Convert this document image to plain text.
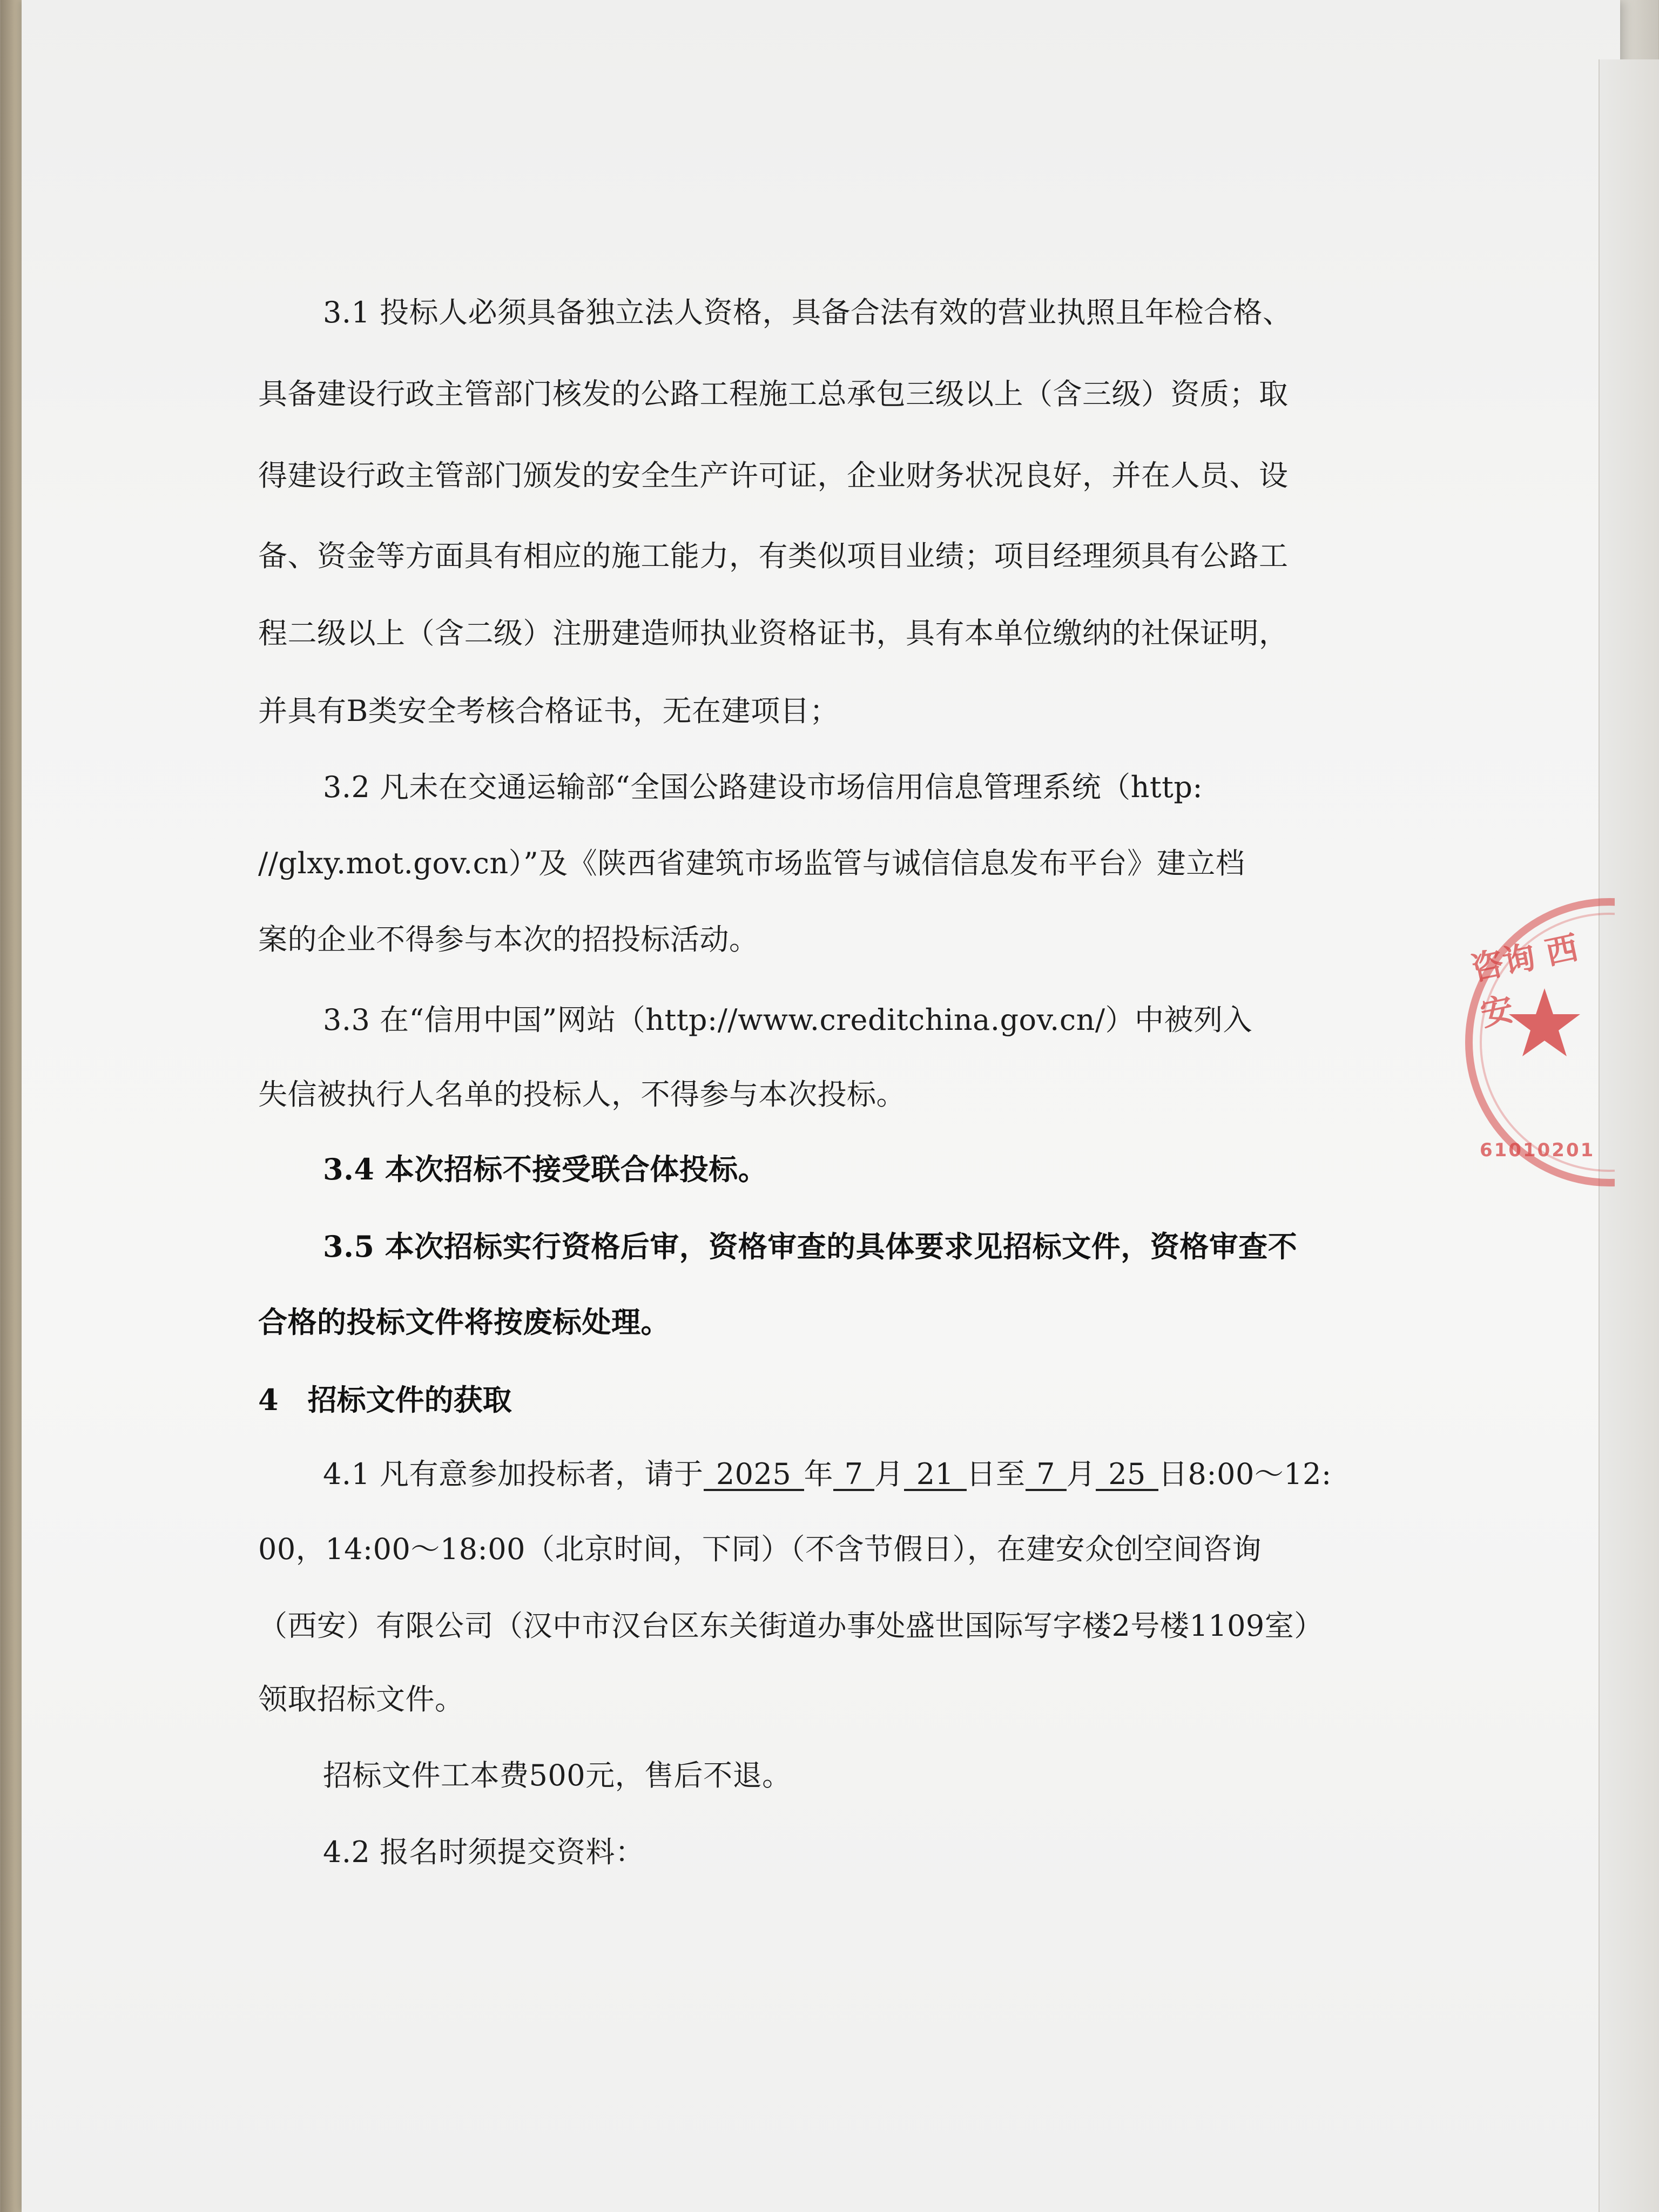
3.1 投标人必须具备独立法人资格，具备合法有效的营业执照且年检合格、
具备建设行政主管部门核发的公路工程施工总承包三级以上（含三级）资质；取
得建设行政主管部门颁发的安全生产许可证，企业财务状况良好，并在人员、设
备、资金等方面具有相应的施工能力，有类似项目业绩；项目经理须具有公路工
程二级以上（含二级）注册建造师执业资格证书，具有本单位缴纳的社保证明，
并具有B类安全考核合格证书，无在建项目；
3.2 凡未在交通运输部“全国公路建设市场信用信息管理系统（http:
//glxy.mot.gov.cn）”及《陕西省建筑市场监管与诚信信息发布平台》建立档
案的企业不得参与本次的招投标活动。
3.3 在“信用中国”网站（http://www.creditchina.gov.cn/）中被列入
失信被执行人名单的投标人，不得参与本次投标。
3.4 本次招标不接受联合体投标。
3.5 本次招标实行资格后审，资格审查的具体要求见招标文件，资格审查不
合格的投标文件将按废标处理。
4　招标文件的获取
4.1 凡有意参加投标者，请于 2025 年 7 月 21 日至 7 月 25 日8:00～12:
00，14:00～18:00（北京时间，下同）（不含节假日），在建安众创空间咨询
（西安）有限公司（汉中市汉台区东关街道办事处盛世国际写字楼2号楼1109室）
领取招标文件。
招标文件工本费500元，售后不退。
4.2 报名时须提交资料：
咨询 西安
61010201
